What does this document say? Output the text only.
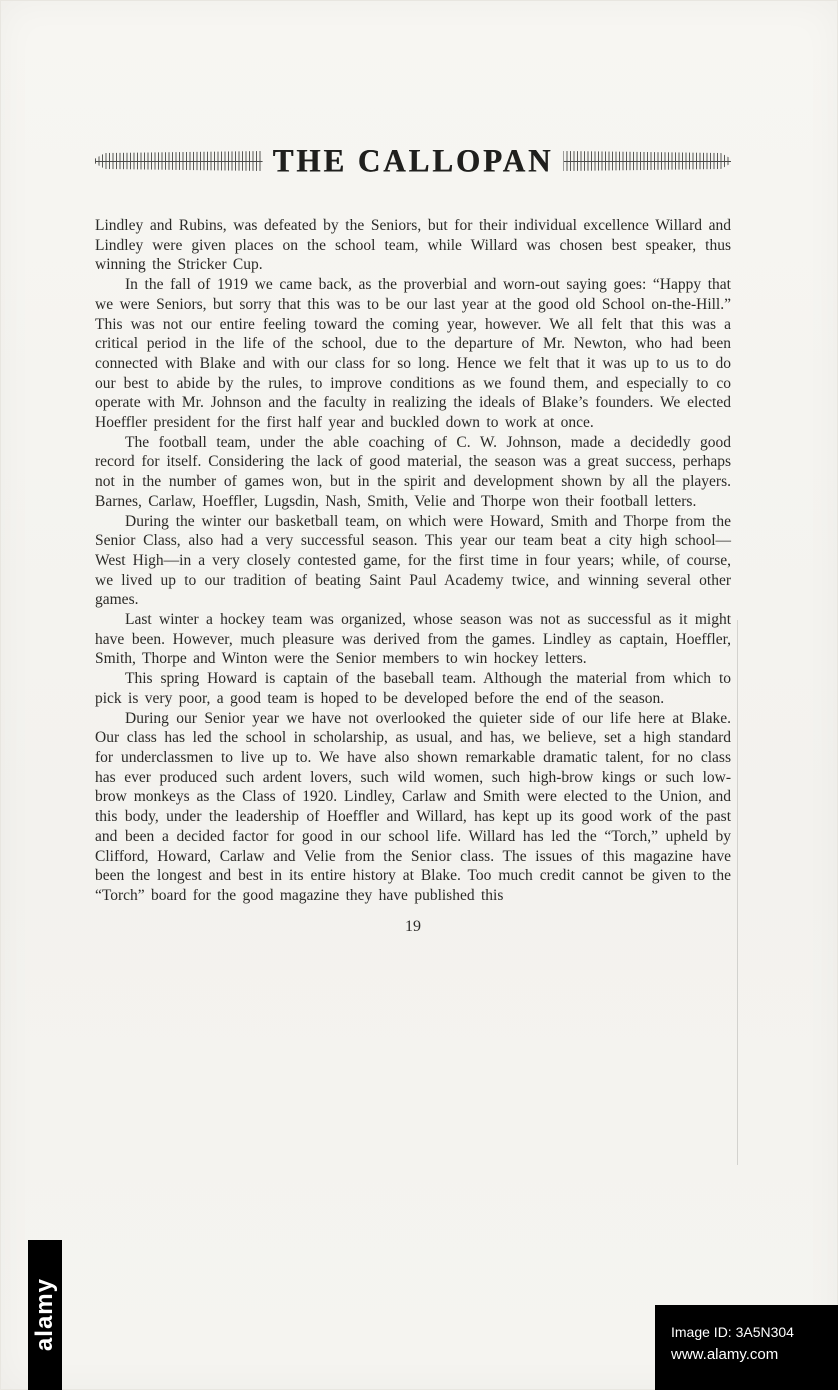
THE CALLOPAN

Lindley and Rubins, was defeated by the Seniors, but for their individual excellence Willard and Lindley were given places on the school team, while Willard was chosen best speaker, thus winning the Stricker Cup.

In the fall of 1919 we came back, as the proverbial and worn-out saying goes: “Happy that we were Seniors, but sorry that this was to be our last year at the good old School on-the-Hill.” This was not our entire feeling toward the coming year, however. We all felt that this was a critical period in the life of the school, due to the departure of Mr. Newton, who had been connected with Blake and with our class for so long. Hence we felt that it was up to us to do our best to abide by the rules, to improve conditions as we found them, and especially to co operate with Mr. Johnson and the faculty in realizing the ideals of Blake’s founders. We elected Hoeffler president for the first half year and buckled down to work at once.

The football team, under the able coaching of C. W. Johnson, made a decidedly good record for itself. Considering the lack of good material, the season was a great success, perhaps not in the number of games won, but in the spirit and development shown by all the players. Barnes, Carlaw, Hoeffler, Lugsdin, Nash, Smith, Velie and Thorpe won their football letters.

During the winter our basketball team, on which were Howard, Smith and Thorpe from the Senior Class, also had a very successful season. This year our team beat a city high school—West High—in a very closely contested game, for the first time in four years; while, of course, we lived up to our tradition of beating Saint Paul Academy twice, and winning several other games.

Last winter a hockey team was organized, whose season was not as successful as it might have been. However, much pleasure was derived from the games. Lindley as captain, Hoeffler, Smith, Thorpe and Winton were the Senior members to win hockey letters.

This spring Howard is captain of the baseball team. Although the material from which to pick is very poor, a good team is hoped to be developed before the end of the season.

During our Senior year we have not overlooked the quieter side of our life here at Blake. Our class has led the school in scholarship, as usual, and has, we believe, set a high standard for underclassmen to live up to. We have also shown remarkable dramatic talent, for no class has ever produced such ardent lovers, such wild women, such high-brow kings or such low-brow monkeys as the Class of 1920. Lindley, Carlaw and Smith were elected to the Union, and this body, under the leadership of Hoeffler and Willard, has kept up its good work of the past and been a decided factor for good in our school life. Willard has led the “Torch,” upheld by Clifford, Howard, Carlaw and Velie from the Senior class. The issues of this magazine have been the longest and best in its entire history at Blake. Too much credit cannot be given to the “Torch” board for the good magazine they have published this

19
alamy	Image ID: 3A5N304
www.alamy.com
